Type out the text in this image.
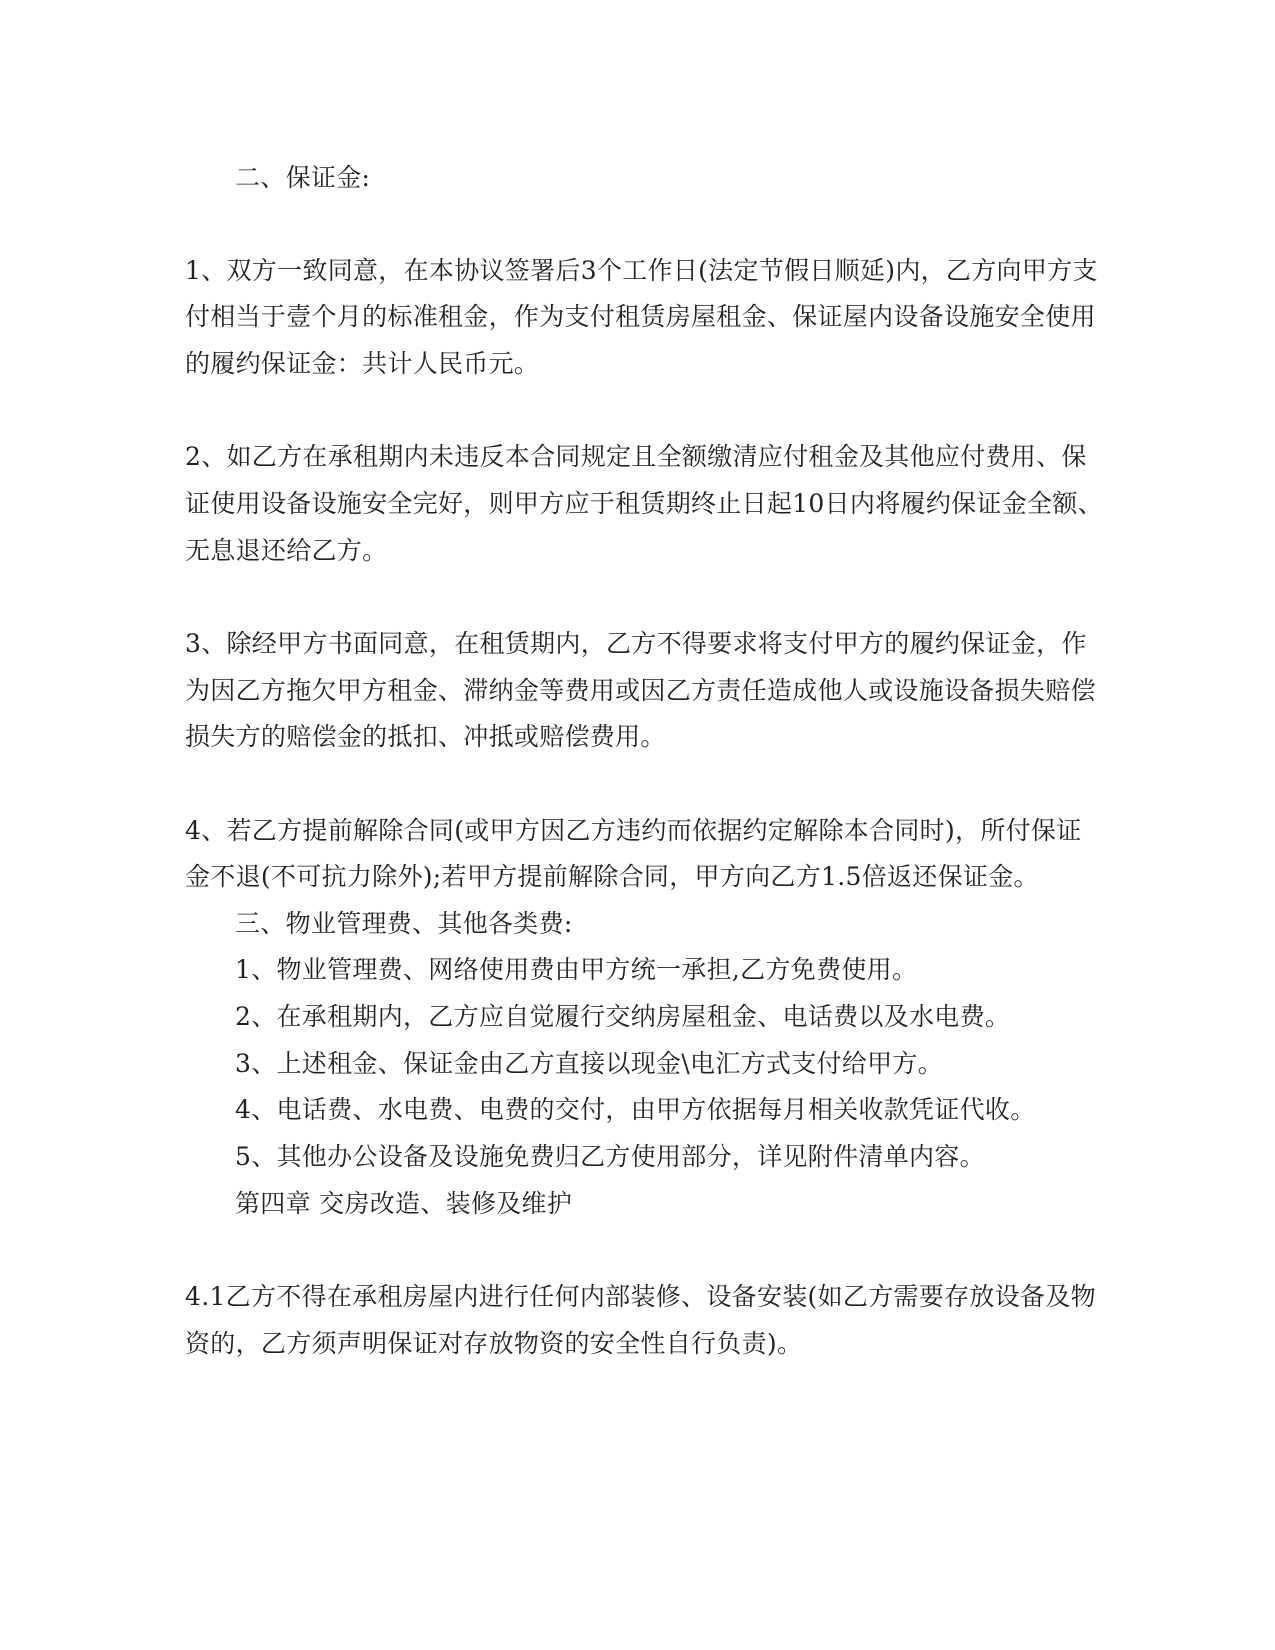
二、保证金:
1、双方一致同意，在本协议签署后3个工作日(法定节假日顺延)内，乙方向甲方支
付相当于壹个月的标准租金，作为支付租赁房屋租金、保证屋内设备设施安全使用
的履约保证金：共计人民币元。
2、如乙方在承租期内未违反本合同规定且全额缴清应付租金及其他应付费用、保
证使用设备设施安全完好，则甲方应于租赁期终止日起10日内将履约保证金全额、
无息退还给乙方。
3、除经甲方书面同意，在租赁期内，乙方不得要求将支付甲方的履约保证金，作
为因乙方拖欠甲方租金、滞纳金等费用或因乙方责任造成他人或设施设备损失赔偿
损失方的赔偿金的抵扣、冲抵或赔偿费用。
4、若乙方提前解除合同(或甲方因乙方违约而依据约定解除本合同时)，所付保证
金不退(不可抗力除外);若甲方提前解除合同，甲方向乙方1.5倍返还保证金。
三、物业管理费、其他各类费:
1、物业管理费、网络使用费由甲方统一承担,乙方免费使用。
2、在承租期内，乙方应自觉履行交纳房屋租金、电话费以及水电费。
3、上述租金、保证金由乙方直接以现金\电汇方式支付给甲方。
4、电话费、水电费、电费的交付，由甲方依据每月相关收款凭证代收。
5、其他办公设备及设施免费归乙方使用部分，详见附件清单内容。
第四章 交房改造、装修及维护
4.1乙方不得在承租房屋内进行任何内部装修、设备安装(如乙方需要存放设备及物
资的，乙方须声明保证对存放物资的安全性自行负责)。
